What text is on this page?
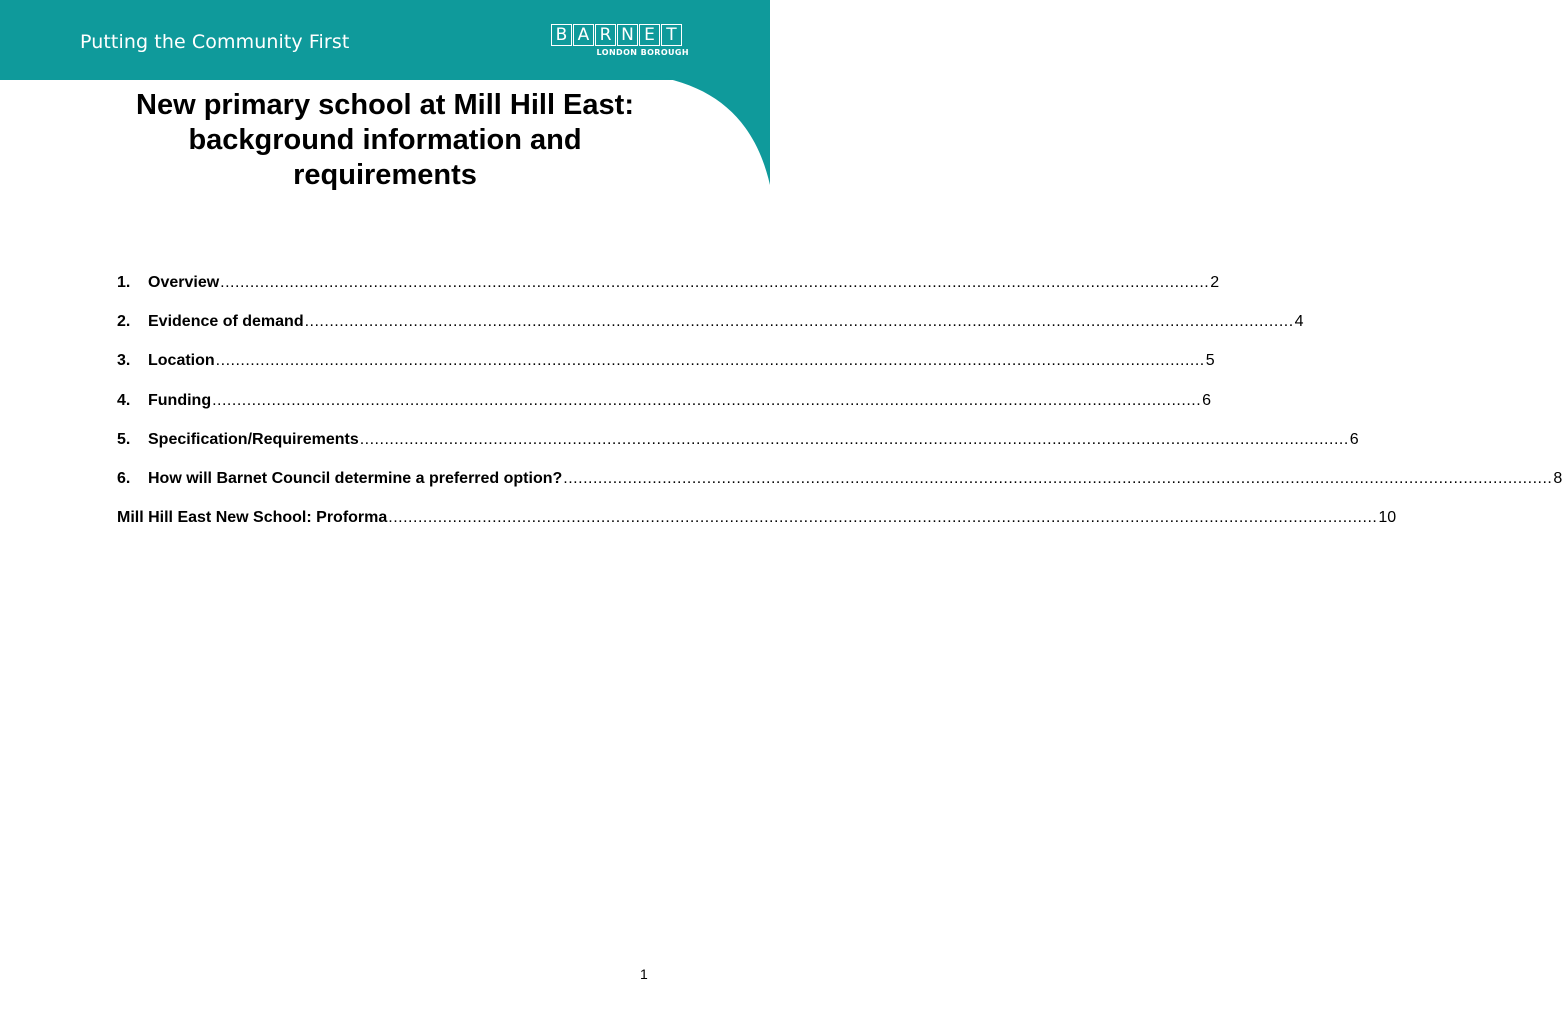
Putting the Community First	B A R N E T
LONDON BOROUGH
New primary school at Mill Hill East:
background information and
requirements
1.	Overview ........................................................................................................................................................................................................ 2
2.	Evidence of demand ........................................................................................................................................................................................................ 4
3.	Location ........................................................................................................................................................................................................ 5
4.	Funding ........................................................................................................................................................................................................ 6
5.	Specification/Requirements ........................................................................................................................................................................................................ 6
6.	How will Barnet Council determine a preferred option? ........................................................................................................................................................................................................ 8
Mill Hill East New School: Proforma ........................................................................................................................................................................................................ 10
1
